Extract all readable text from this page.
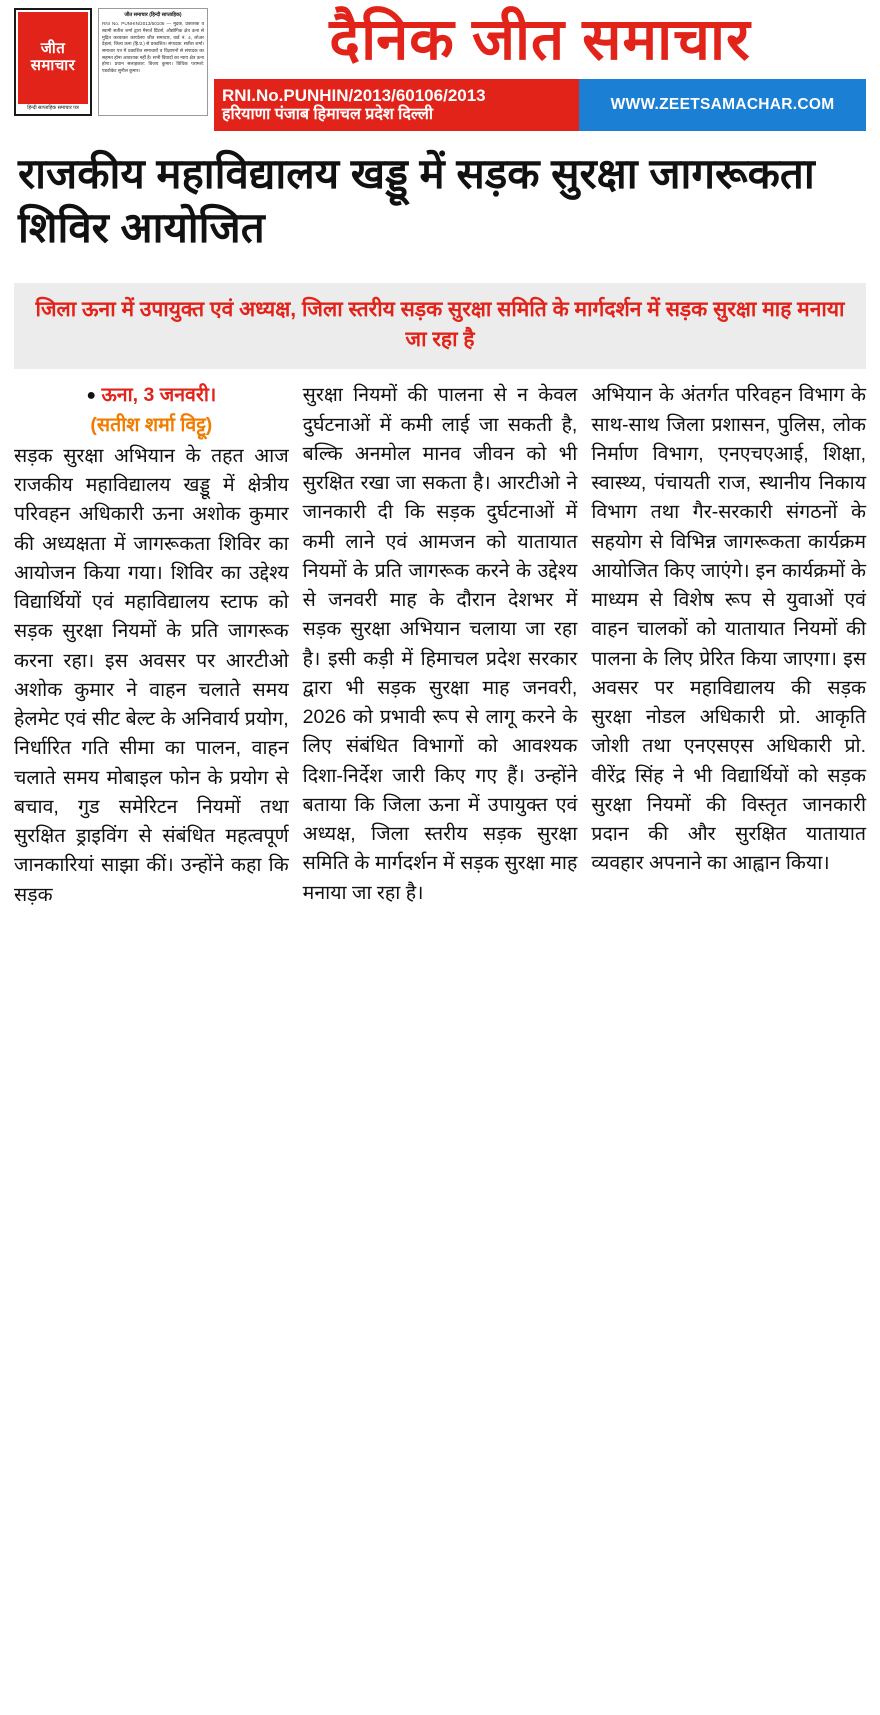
जीत
समाचार
हिन्दी साप्ताहिक समाचार पत्र
जीत समाचार (हिन्दी साप्ताहिक)
RNI No. PUNHIN/2013/50106 — मुद्रक, प्रकाशक व स्वामी सतीश शर्मा द्वारा मैसर्ज प्रिंटर्स, औद्योगिक क्षेत्र ऊना से मुद्रित करवाकर कार्यालय जीत समाचार, वार्ड नं. 4, लोअर देहलां, जिला ऊना (हि.प्र.) से प्रकाशित। संपादक: सतीश शर्मा। समाचार पत्र में प्रकाशित समाचारों व विज्ञापनों से संपादक का सहमत होना आवश्यक नहीं है। सभी विवादों का न्याय क्षेत्र ऊना होगा। प्रधान सलाहकार: विजय कुमार। विधिक परामर्श: एडवोकेट सुनील कुमार।	दैनिक जीत समाचार
RNI.No.PUNHIN/2013/60106/2013
हरियाणा पंजाब हिमाचल प्रदेश दिल्ली
WWW.ZEETSAMACHAR.COM
राजकीय महाविद्यालय खड्डू में सड़क सुरक्षा जागरूकता शिविर आयोजित
जिला ऊना में उपायुक्त एवं अध्यक्ष, जिला स्तरीय सड़क सुरक्षा समिति के मार्गदर्शन में सड़क सुरक्षा माह मनाया जा रहा है

● ऊना, 3 जनवरी।
(सतीश शर्मा विट्टू)

सड़क सुरक्षा अभियान के तहत आज राजकीय महाविद्यालय खड्डू में क्षेत्रीय परिवहन अधिकारी ऊना अशोक कुमार की अध्यक्षता में जागरूकता शिविर का आयोजन किया गया। शिविर का उद्देश्य विद्यार्थियों एवं महाविद्यालय स्टाफ को सड़क सुरक्षा नियमों के प्रति जागरूक करना रहा। इस अवसर पर आरटीओ अशोक कुमार ने वाहन चलाते समय हेलमेट एवं सीट बेल्ट के अनिवार्य प्रयोग, निर्धारित गति सीमा का पालन, वाहन चलाते समय मोबाइल फोन के प्रयोग से बचाव, गुड समेरिटन नियमों तथा सुरक्षित ड्राइविंग से संबंधित महत्वपूर्ण जानकारियां साझा कीं। उन्होंने कहा कि सड़क

सुरक्षा नियमों की पालना से न केवल दुर्घटनाओं में कमी लाई जा सकती है, बल्कि अनमोल मानव जीवन को भी सुरक्षित रखा जा सकता है। आरटीओ ने जानकारी दी कि सड़क दुर्घटनाओं में कमी लाने एवं आमजन को यातायात नियमों के प्रति जागरूक करने के उद्देश्य से जनवरी माह के दौरान देशभर में सड़क सुरक्षा अभियान चलाया जा रहा है। इसी कड़ी में हिमाचल प्रदेश सरकार द्वारा भी सड़क सुरक्षा माह जनवरी, 2026 को प्रभावी रूप से लागू करने के लिए संबंधित विभागों को आवश्यक दिशा-निर्देश जारी किए गए हैं। उन्होंने बताया कि जिला ऊना में उपायुक्त एवं अध्यक्ष, जिला स्तरीय सड़क सुरक्षा समिति के मार्गदर्शन में सड़क सुरक्षा माह मनाया जा रहा है।

अभियान के अंतर्गत परिवहन विभाग के साथ-साथ जिला प्रशासन, पुलिस, लोक निर्माण विभाग, एनएचएआई, शिक्षा, स्वास्थ्य, पंचायती राज, स्थानीय निकाय विभाग तथा गैर-सरकारी संगठनों के सहयोग से विभिन्न जागरूकता कार्यक्रम आयोजित किए जाएंगे। इन कार्यक्रमों के माध्यम से विशेष रूप से युवाओं एवं वाहन चालकों को यातायात नियमों की पालना के लिए प्रेरित किया जाएगा। इस अवसर पर महाविद्यालय की सड़क सुरक्षा नोडल अधिकारी प्रो. आकृति जोशी तथा एनएसएस अधिकारी प्रो. वीरेंद्र सिंह ने भी विद्यार्थियों को सड़क सुरक्षा नियमों की विस्तृत जानकारी प्रदान की और सुरक्षित यातायात व्यवहार अपनाने का आह्वान किया।
